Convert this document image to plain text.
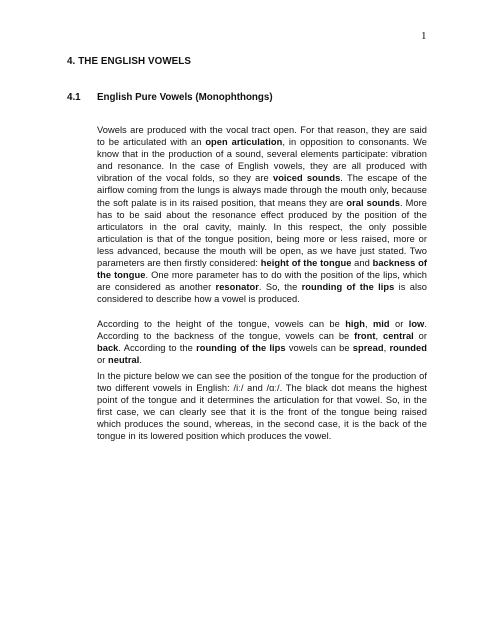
1
4. THE ENGLISH VOWELS
4.1 English Pure Vowels (Monophthongs)

Vowels are produced with the vocal tract open. For that reason, they are said to be articulated with an open articulation, in opposition to consonants. We know that in the production of a sound, several elements participate: vibration and resonance. In the case of English vowels, they are all produced with vibration of the vocal folds, so they are voiced sounds. The escape of the airflow coming from the lungs is always made through the mouth only, because the soft palate is in its raised position, that means they are oral sounds. More has to be said about the resonance effect produced by the position of the articulators in the oral cavity, mainly. In this respect, the only possible articulation is that of the tongue position, being more or less raised, more or less advanced, because the mouth will be open, as we have just stated. Two parameters are then firstly considered: height of the tongue and backness of the tongue. One more parameter has to do with the position of the lips, which are considered as another resonator. So, the rounding of the lips is also considered to describe how a vowel is produced.

According to the height of the tongue, vowels can be high, mid or low. According to the backness of the tongue, vowels can be front, central or back. According to the rounding of the lips vowels can be spread, rounded or neutral.

In the picture below we can see the position of the tongue for the production of two different vowels in English: /iː/ and /ɑː/. The black dot means the highest point of the tongue and it determines the articulation for that vowel. So, in the first case, we can clearly see that it is the front of the tongue being raised which produces the sound, whereas, in the second case, it is the back of the tongue in its lowered position which produces the vowel.
